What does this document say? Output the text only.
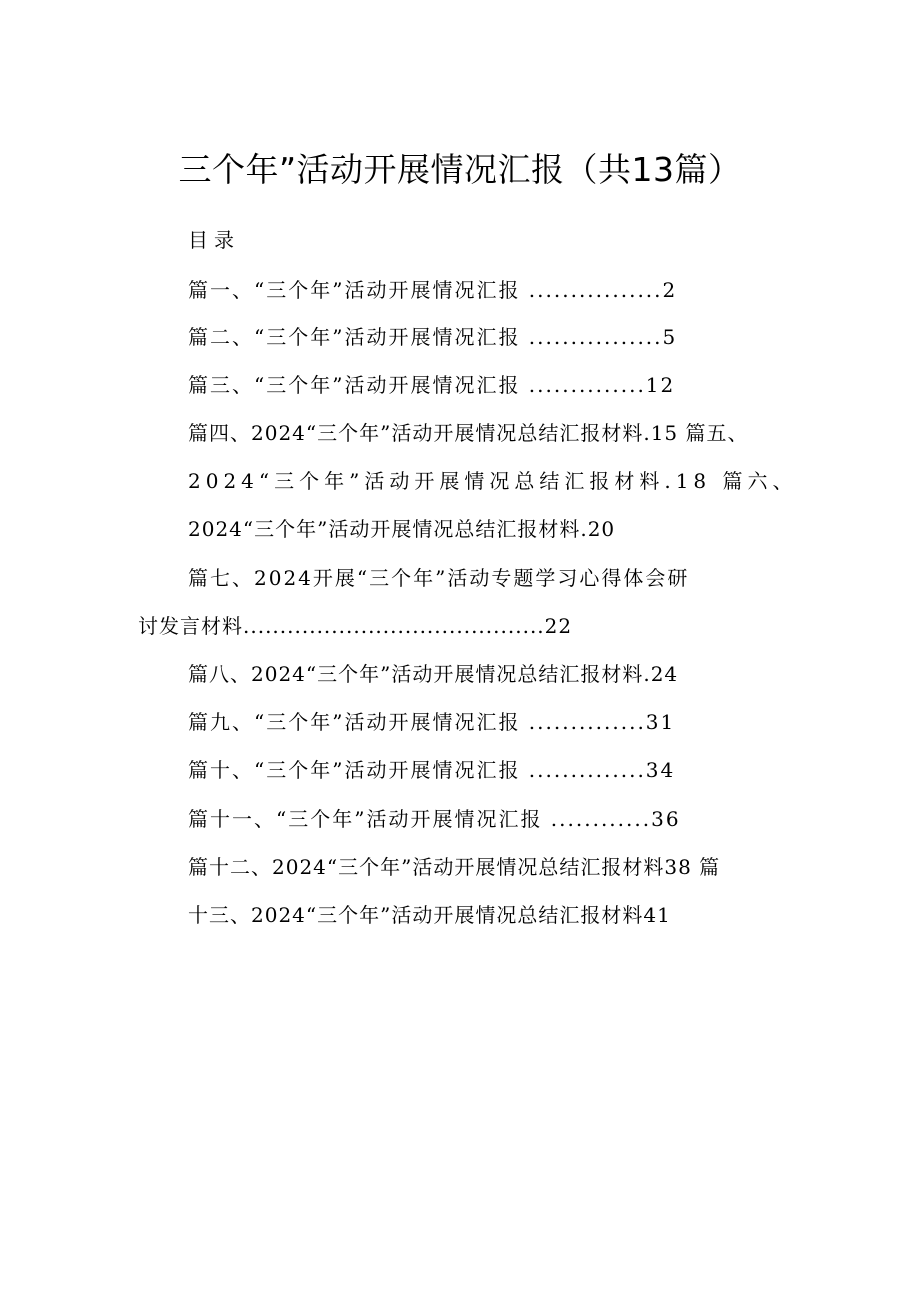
三个年”活动开展情况汇报（共13篇）
目录
篇一、“三个年”活动开展情况汇报 ................2
篇二、“三个年”活动开展情况汇报 ................5
篇三、“三个年”活动开展情况汇报 ..............12
篇四、2024“三个年”活动开展情况总结汇报材料.15 篇五、
2024“三个年”活动开展情况总结汇报材料.18 篇六、
2024“三个年”活动开展情况总结汇报材料.20
篇七、2024开展“三个年”活动专题学习心得体会研
讨发言材料.........................................22
篇八、2024“三个年”活动开展情况总结汇报材料.24
篇九、“三个年”活动开展情况汇报 ..............31
篇十、“三个年”活动开展情况汇报 ..............34
篇十一、“三个年”活动开展情况汇报 ............36
篇十二、2024“三个年”活动开展情况总结汇报材料38 篇
十三、2024“三个年”活动开展情况总结汇报材料41
